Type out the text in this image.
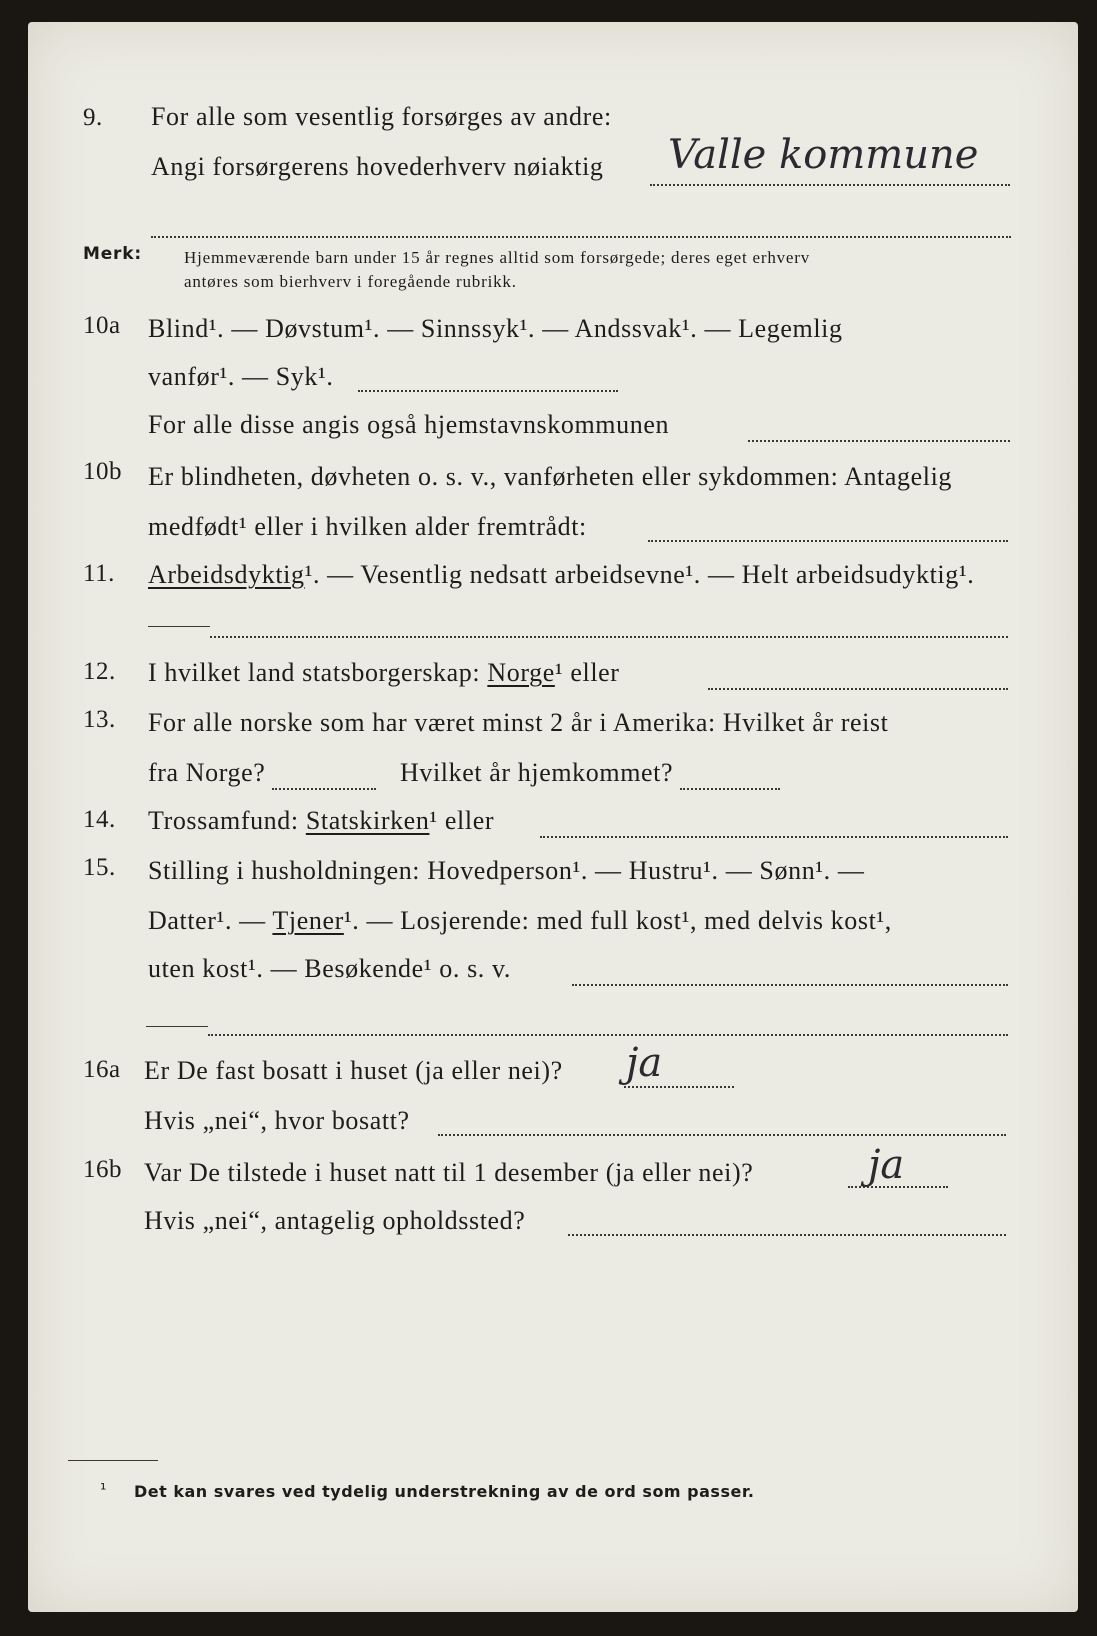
9. For alle som vesentlig forsørges av andre:
Angi forsørgerens hovederhverv nøiaktig Valle kommune
Merk: Hjemmeværende barn under 15 år regnes alltid som forsørgede; deres eget erhverv
antøres som bierhverv i foregående rubrikk.
10a Blind¹. — Døvstum¹. — Sinnssyk¹. — Andssvak¹. — Legemlig
vanfør¹. — Syk¹.
For alle disse angis også hjemstavnskommunen
10b Er blindheten, døvheten o. s. v., vanførheten eller sykdommen: Antagelig
medfødt¹ eller i hvilken alder fremtrådt:
11. Arbeidsdyktig¹. — Vesentlig nedsatt arbeidsevne¹. — Helt arbeidsudyktig¹.
12. I hvilket land statsborgerskap: Norge¹ eller
13. For alle norske som har været minst 2 år i Amerika: Hvilket år reist
fra Norge?	Hvilket år hjemkommet?
14. Trossamfund: Statskirken¹ eller
15. Stilling i husholdningen: Hovedperson¹. — Hustru¹. — Sønn¹. —
Datter¹. — Tjener¹. — Losjerende: med full kost¹, med delvis kost¹,
uten kost¹. — Besøkende¹ o. s. v.
16a Er De fast bosatt i huset (ja eller nei)? ja
Hvis „nei“, hvor bosatt?
16b Var De tilstede i huset natt til 1 desember (ja eller nei)?	ja
Hvis „nei“, antagelig opholdssted?
¹ Det kan svares ved tydelig understrekning av de ord som passer.
